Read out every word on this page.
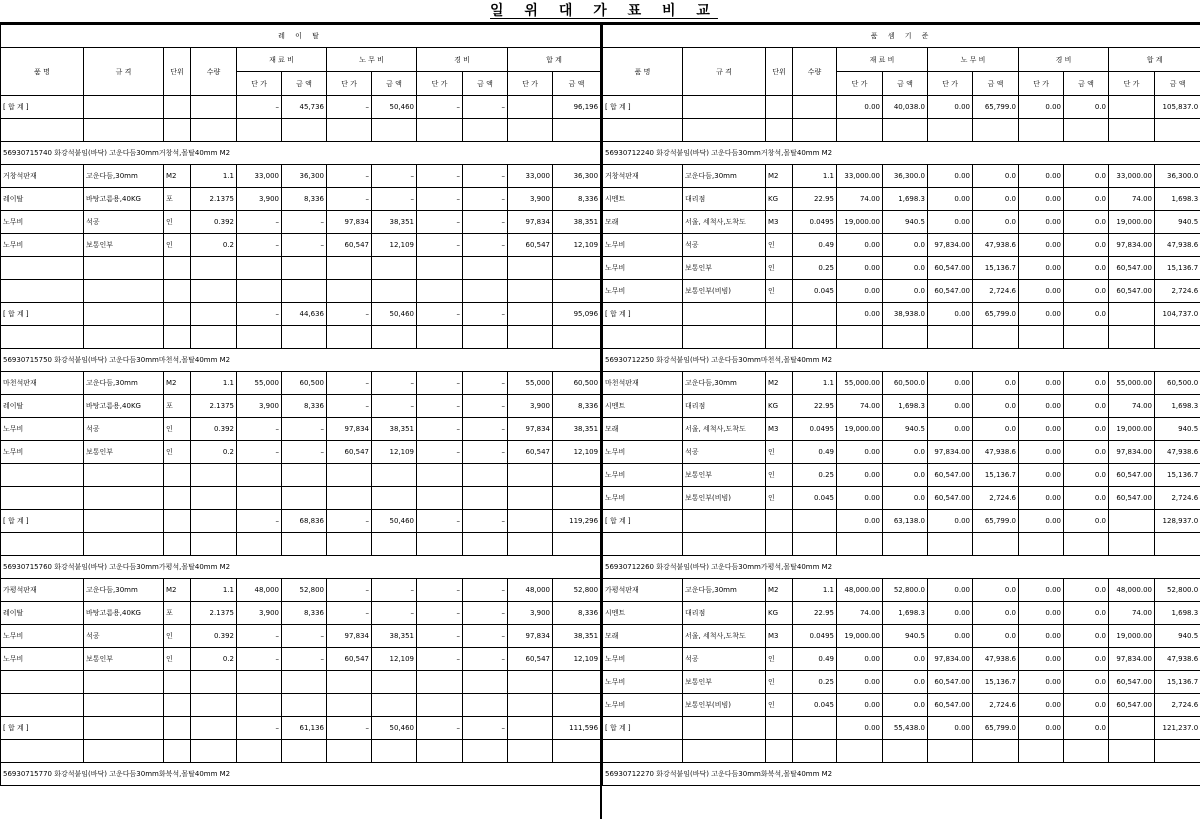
일 위 대 가 표 비 교
레 이 탈											
품 명	규 격	단위	수량	재 료 비		노 무 비		경 비		합 계	
				단 가	금 액	단 가	금 액	단 가	금 액	단 가	금 액
[ 합 계 ]				–	45,736	–	50,460	–	–		96,196

56930715740 화강석붙임(바닥) 고운다듬30mm거창석,몰탈40mm M2											
거창석판재	고운다듬,30mm	M2	1.1	33,000	36,300	–	–	–	–	33,000	36,300
레이탈	바탕고름용,40KG	포	2.1375	3,900	8,336	–	–	–	–	3,900	8,336
노무비	석공	인	0.392	–	–	97,834	38,351	–	–	97,834	38,351
노무비	보통인부	인	0.2	–	–	60,547	12,109	–	–	60,547	12,109

[ 합 계 ]				–	44,636	–	50,460	–	–		95,096

56930715750 화강석붙임(바닥) 고운다듬30mm마천석,몰탈40mm M2											
마천석판재	고운다듬,30mm	M2	1.1	55,000	60,500	–	–	–	–	55,000	60,500
레이탈	바탕고름용,40KG	포	2.1375	3,900	8,336	–	–	–	–	3,900	8,336
노무비	석공	인	0.392	–	–	97,834	38,351	–	–	97,834	38,351
노무비	보통인부	인	0.2	–	–	60,547	12,109	–	–	60,547	12,109

[ 합 계 ]				–	68,836	–	50,460	–	–		119,296

56930715760 화강석붙임(바닥) 고운다듬30mm가평석,몰탈40mm M2											
가평석판재	고운다듬,30mm	M2	1.1	48,000	52,800	–	–	–	–	48,000	52,800
레이탈	바탕고름용,40KG	포	2.1375	3,900	8,336	–	–	–	–	3,900	8,336
노무비	석공	인	0.392	–	–	97,834	38,351	–	–	97,834	38,351
노무비	보통인부	인	0.2	–	–	60,547	12,109	–	–	60,547	12,109

[ 합 계 ]				–	61,136	–	50,460	–	–		111,596

56930715770 화강석붙임(바닥) 고운다듬30mm화북석,몰탈40mm M2											
품 셈 기 준											
품 명	규 격	단위	수량	재 료 비		노 무 비		경 비		합 계	
				단 가	금 액	단 가	금 액	단 가	금 액	단 가	금 액
[ 합 계 ]				0.00	40,038.0	0.00	65,799.0	0.00	0.0		105,837.0

56930712240 화강석붙임(바닥) 고운다듬30mm거창석,몰탈40mm M2											
거창석판재	고운다듬,30mm	M2	1.1	33,000.00	36,300.0	0.00	0.0	0.00	0.0	33,000.00	36,300.0
시멘트	대리점	KG	22.95	74.00	1,698.3	0.00	0.0	0.00	0.0	74.00	1,698.3
모래	서울, 세척사,도착도	M3	0.0495	19,000.00	940.5	0.00	0.0	0.00	0.0	19,000.00	940.5
노무비	석공	인	0.49	0.00	0.0	97,834.00	47,938.6	0.00	0.0	97,834.00	47,938.6
노무비	보통인부	인	0.25	0.00	0.0	60,547.00	15,136.7	0.00	0.0	60,547.00	15,136.7
노무비	보통인부(비빔)	인	0.045	0.00	0.0	60,547.00	2,724.6	0.00	0.0	60,547.00	2,724.6
[ 합 계 ]				0.00	38,938.0	0.00	65,799.0	0.00	0.0		104,737.0

56930712250 화강석붙임(바닥) 고운다듬30mm마천석,몰탈40mm M2											
마천석판재	고운다듬,30mm	M2	1.1	55,000.00	60,500.0	0.00	0.0	0.00	0.0	55,000.00	60,500.0
시멘트	대리점	KG	22.95	74.00	1,698.3	0.00	0.0	0.00	0.0	74.00	1,698.3
모래	서울, 세척사,도착도	M3	0.0495	19,000.00	940.5	0.00	0.0	0.00	0.0	19,000.00	940.5
노무비	석공	인	0.49	0.00	0.0	97,834.00	47,938.6	0.00	0.0	97,834.00	47,938.6
노무비	보통인부	인	0.25	0.00	0.0	60,547.00	15,136.7	0.00	0.0	60,547.00	15,136.7
노무비	보통인부(비빔)	인	0.045	0.00	0.0	60,547.00	2,724.6	0.00	0.0	60,547.00	2,724.6
[ 합 계 ]				0.00	63,138.0	0.00	65,799.0	0.00	0.0		128,937.0

56930712260 화강석붙임(바닥) 고운다듬30mm가평석,몰탈40mm M2											
가평석판재	고운다듬,30mm	M2	1.1	48,000.00	52,800.0	0.00	0.0	0.00	0.0	48,000.00	52,800.0
시멘트	대리점	KG	22.95	74.00	1,698.3	0.00	0.0	0.00	0.0	74.00	1,698.3
모래	서울, 세척사,도착도	M3	0.0495	19,000.00	940.5	0.00	0.0	0.00	0.0	19,000.00	940.5
노무비	석공	인	0.49	0.00	0.0	97,834.00	47,938.6	0.00	0.0	97,834.00	47,938.6
노무비	보통인부	인	0.25	0.00	0.0	60,547.00	15,136.7	0.00	0.0	60,547.00	15,136.7
노무비	보통인부(비빔)	인	0.045	0.00	0.0	60,547.00	2,724.6	0.00	0.0	60,547.00	2,724.6
[ 합 계 ]				0.00	55,438.0	0.00	65,799.0	0.00	0.0		121,237.0

56930712270 화강석붙임(바닥) 고운다듬30mm화북석,몰탈40mm M2											
